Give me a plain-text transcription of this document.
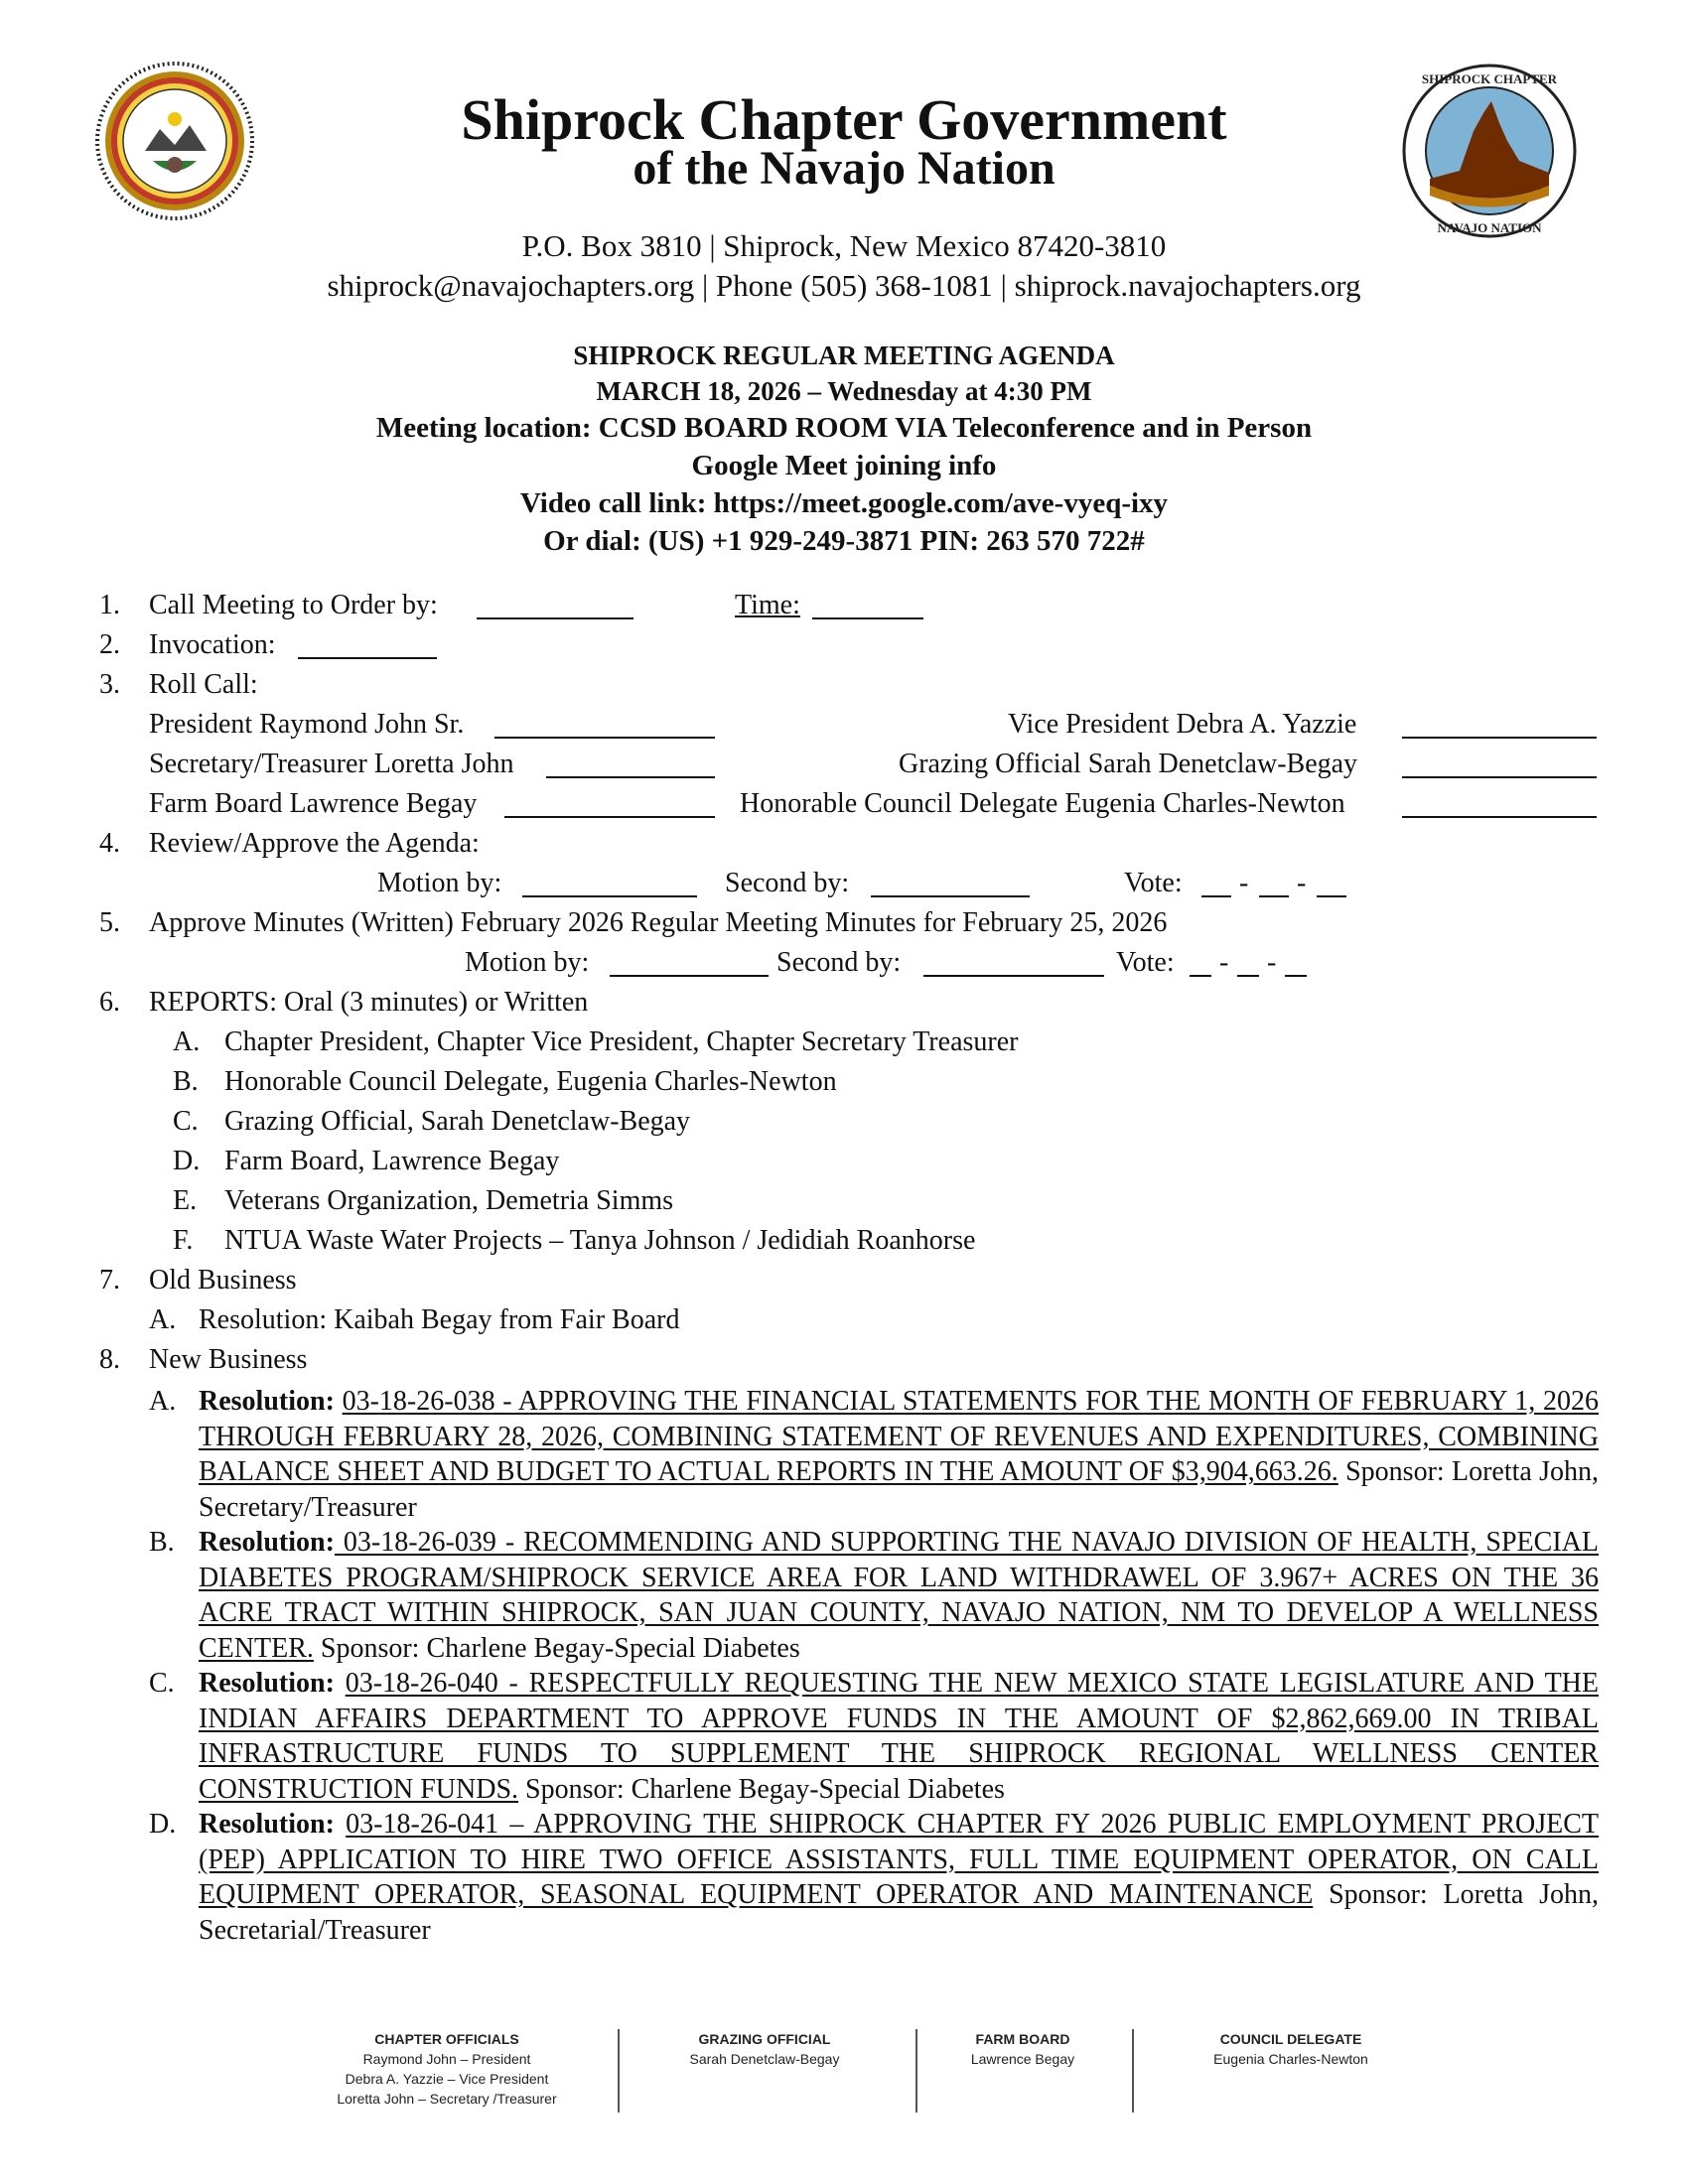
SHIPROCK CHAPTER
NAVAJO NATION
Shiprock Chapter Government
of the Navajo Nation
P.O. Box 3810 | Shiprock, New Mexico 87420-3810
shiprock@navajochapters.org | Phone (505) 368-1081 | shiprock.navajochapters.org
SHIPROCK REGULAR MEETING AGENDA
MARCH 18, 2026 – Wednesday at 4:30 PM
Meeting location: CCSD BOARD ROOM VIA Teleconference and in Person
Google Meet joining info
Video call link: https://meet.google.com/ave-vyeq-ixy
Or dial: (US) +1 929-249-3871 PIN: 263 570 722#
1.	Call Meeting to Order by:	Time:
2.	Invocation:
3.	Roll Call:
President Raymond John Sr.	Vice President Debra A. Yazzie
Secretary/Treasurer Loretta John	Grazing Official Sarah Denetclaw-Begay
Farm Board Lawrence Begay	Honorable Council Delegate Eugenia Charles-Newton
4.	Review/Approve the Agenda:
Motion by:	Second by:	Vote: - -
5.	Approve Minutes (Written) February 2026 Regular Meeting Minutes for February 25, 2026
Motion by:	Second by:	Vote: - -
6.	REPORTS: Oral (3 minutes) or Written
A. Chapter President, Chapter Vice President, Chapter Secretary Treasurer
B. Honorable Council Delegate, Eugenia Charles-Newton
C. Grazing Official, Sarah Denetclaw-Begay
D. Farm Board, Lawrence Begay
E. Veterans Organization, Demetria Simms
F. NTUA Waste Water Projects – Tanya Johnson / Jedidiah Roanhorse
7.	Old Business
A. Resolution: Kaibah Begay from Fair Board
8.	New Business
A. Resolution: 03-18-26-038 - APPROVING THE FINANCIAL STATEMENTS FOR THE MONTH OF FEBRUARY 1, 2026 THROUGH FEBRUARY 28, 2026, COMBINING STATEMENT OF REVENUES AND EXPENDITURES, COMBINING BALANCE SHEET AND BUDGET TO ACTUAL REPORTS IN THE AMOUNT OF $3,904,663.26. Sponsor: Loretta John, Secretary/Treasurer
B. Resolution: 03-18-26-039 - RECOMMENDING AND SUPPORTING THE NAVAJO DIVISION OF HEALTH, SPECIAL DIABETES PROGRAM/SHIPROCK SERVICE AREA FOR LAND WITHDRAWEL OF 3.967+ ACRES ON THE 36 ACRE TRACT WITHIN SHIPROCK, SAN JUAN COUNTY, NAVAJO NATION, NM TO DEVELOP A WELLNESS CENTER. Sponsor: Charlene Begay-Special Diabetes
C. Resolution: 03-18-26-040 - RESPECTFULLY REQUESTING THE NEW MEXICO STATE LEGISLATURE AND THE INDIAN AFFAIRS DEPARTMENT TO APPROVE FUNDS IN THE AMOUNT OF $2,862,669.00 IN TRIBAL INFRASTRUCTURE FUNDS TO SUPPLEMENT THE SHIPROCK REGIONAL WELLNESS CENTER CONSTRUCTION FUNDS. Sponsor: Charlene Begay-Special Diabetes
D. Resolution: 03-18-26-041 – APPROVING THE SHIPROCK CHAPTER FY 2026 PUBLIC EMPLOYMENT PROJECT (PEP) APPLICATION TO HIRE TWO OFFICE ASSISTANTS, FULL TIME EQUIPMENT OPERATOR, ON CALL EQUIPMENT OPERATOR, SEASONAL EQUIPMENT OPERATOR AND MAINTENANCE Sponsor: Loretta John, Secretarial/Treasurer
CHAPTER OFFICIALS
Raymond John – President
Debra A. Yazzie – Vice President
Loretta John – Secretary /Treasurer
GRAZING OFFICIAL
Sarah Denetclaw-Begay
FARM BOARD
Lawrence Begay
COUNCIL DELEGATE
Eugenia Charles-Newton
